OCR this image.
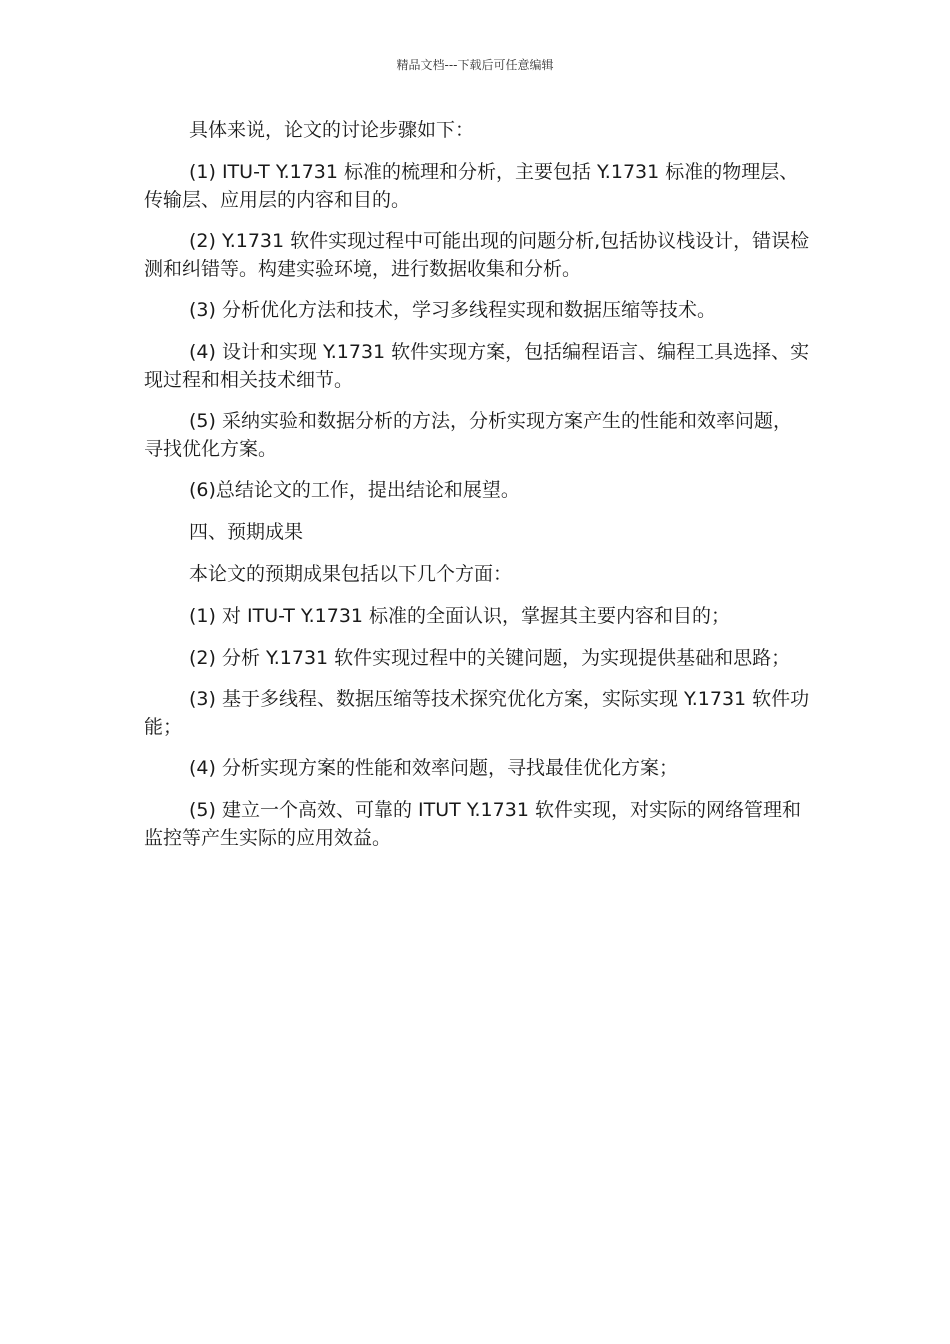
精品文档---下载后可任意编辑

具体来说，论文的讨论步骤如下：

(1) ITU-T Y.1731 标准的梳理和分析，主要包括 Y.1731 标准的物理层、传输层、应用层的内容和目的。

(2) Y.1731 软件实现过程中可能出现的问题分析,包括协议栈设计，错误检测和纠错等。构建实验环境，进行数据收集和分析。

(3) 分析优化方法和技术，学习多线程实现和数据压缩等技术。

(4) 设计和实现 Y.1731 软件实现方案，包括编程语言、编程工具选择、实现过程和相关技术细节。

(5) 采纳实验和数据分析的方法，分析实现方案产生的性能和效率问题，寻找优化方案。

(6)总结论文的工作，提出结论和展望。

四、预期成果

本论文的预期成果包括以下几个方面：

(1) 对 ITU-T Y.1731 标准的全面认识，掌握其主要内容和目的；

(2) 分析 Y.1731 软件实现过程中的关键问题，为实现提供基础和思路；

(3) 基于多线程、数据压缩等技术探究优化方案，实际实现 Y.1731 软件功能；

(4) 分析实现方案的性能和效率问题，寻找最佳优化方案；

(5) 建立一个高效、可靠的 ITUT Y.1731 软件实现，对实际的网络管理和监控等产生实际的应用效益。
